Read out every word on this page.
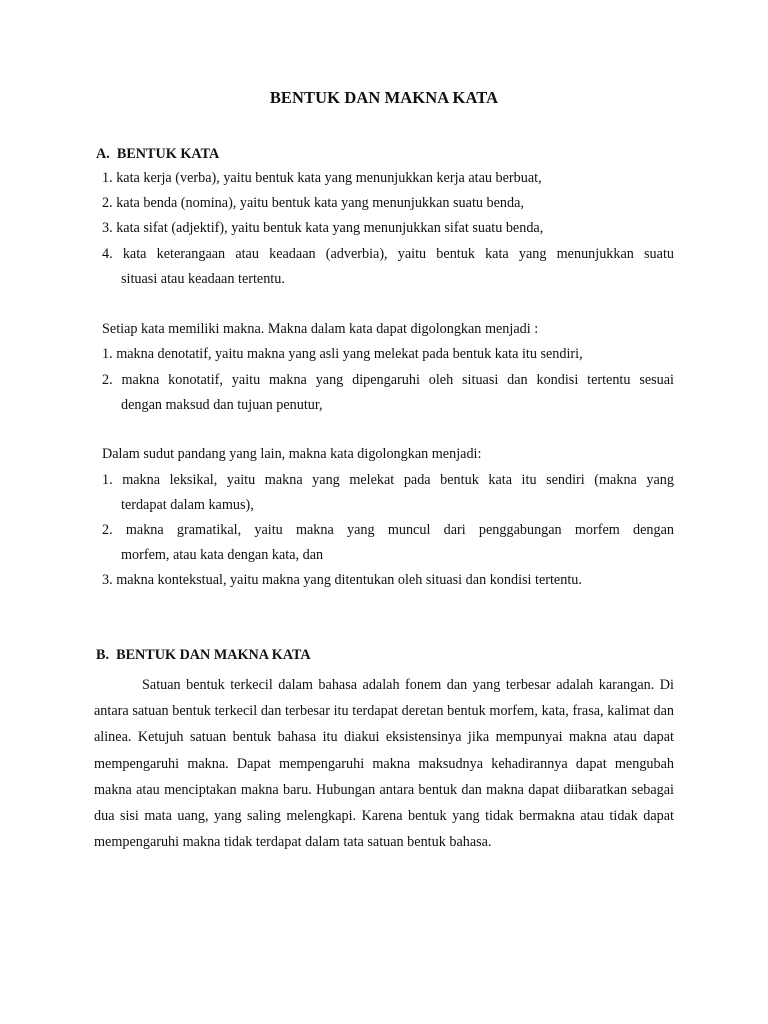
BENTUK DAN MAKNA KATA
A.  BENTUK KATA
1. kata kerja (verba), yaitu bentuk kata yang menunjukkan kerja atau berbuat,
2. kata benda (nomina), yaitu bentuk kata yang menunjukkan suatu benda,
3. kata sifat (adjektif), yaitu bentuk kata yang menunjukkan sifat suatu benda,
4. kata keterangaan atau keadaan (adverbia), yaitu bentuk kata yang menunjukkan suatu
situasi atau keadaan tertentu.
Setiap kata memiliki makna. Makna dalam kata dapat digolongkan menjadi :
1. makna denotatif, yaitu makna yang asli yang melekat pada bentuk kata itu sendiri,
2. makna konotatif, yaitu makna yang dipengaruhi oleh situasi dan kondisi tertentu sesuai
dengan maksud dan tujuan penutur,
Dalam sudut pandang yang lain, makna kata digolongkan menjadi:
1. makna leksikal, yaitu makna yang melekat pada bentuk kata itu sendiri (makna yang
terdapat dalam kamus),
2. makna gramatikal, yaitu makna yang muncul dari penggabungan morfem dengan
morfem, atau kata dengan kata, dan
3. makna kontekstual, yaitu makna yang ditentukan oleh situasi dan kondisi tertentu.
B.  BENTUK DAN MAKNA KATA
Satuan bentuk terkecil dalam bahasa adalah fonem dan yang terbesar adalah karangan. Di antara satuan bentuk terkecil dan terbesar itu terdapat deretan bentuk morfem, kata, frasa, kalimat dan alinea. Ketujuh satuan bentuk bahasa itu diakui eksistensinya jika mempunyai makna atau dapat mempengaruhi makna. Dapat mempengaruhi makna maksudnya kehadirannya dapat mengubah makna atau menciptakan makna baru. Hubungan antara bentuk dan makna dapat diibaratkan sebagai dua sisi mata uang, yang saling melengkapi. Karena bentuk yang tidak bermakna atau tidak dapat mempengaruhi makna tidak terdapat dalam tata satuan bentuk bahasa.
